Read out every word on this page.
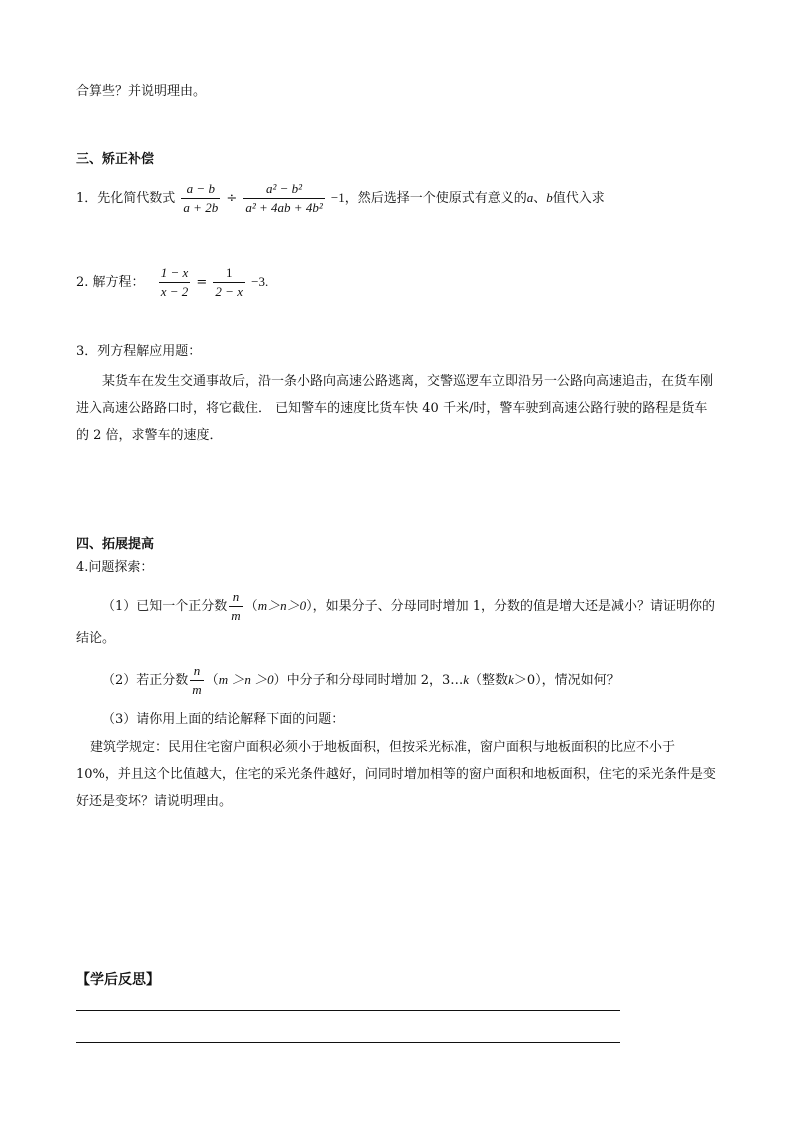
合算些？并说明理由。
三、矫正补偿
1．先化简代数式 $\frac{a - b}{a + 2b} \div \frac{\text{a² − b²}}{\text{a² + 4ab + 4b²}} -1$，然后选择一个使原式有意义的a、b值代入求
2. 解方程： $\frac{1 - x}{x - 2} = \frac{1}{2 - x} -3$.
3．列方程解应用题：
某货车在发生交通事故后，沿一条小路向高速公路逃离，交警巡逻车立即沿另一公路向高速追击，在货车刚进入高速公路路口时，将它截住． 已知警车的速度比货车快 40 千米/时，警车驶到高速公路行驶的路程是货车的 2 倍，求警车的速度．
四、拓展提高
4.问题探索：
（1）已知一个正分数 $\frac{n}{m} (m>n>0)$，如果分子、分母同时增加 1，分数的值是增大还是减小？请证明你的结论。
（2）若正分数 $\frac{n}{m} (m >n >0)$中分子和分母同时增加 2，3…k（整数k＞0），情况如何？
（3）请你用上面的结论解释下面的问题：
建筑学规定：民用住宅窗户面积必须小于地板面积，但按采光标准，窗户面积与地板面积的比应不小于 10%，并且这个比值越大，住宅的采光条件越好，问同时增加相等的窗户面积和地板面积，住宅的采光条件是变好还是变坏？请说明理由。
【学后反思】
